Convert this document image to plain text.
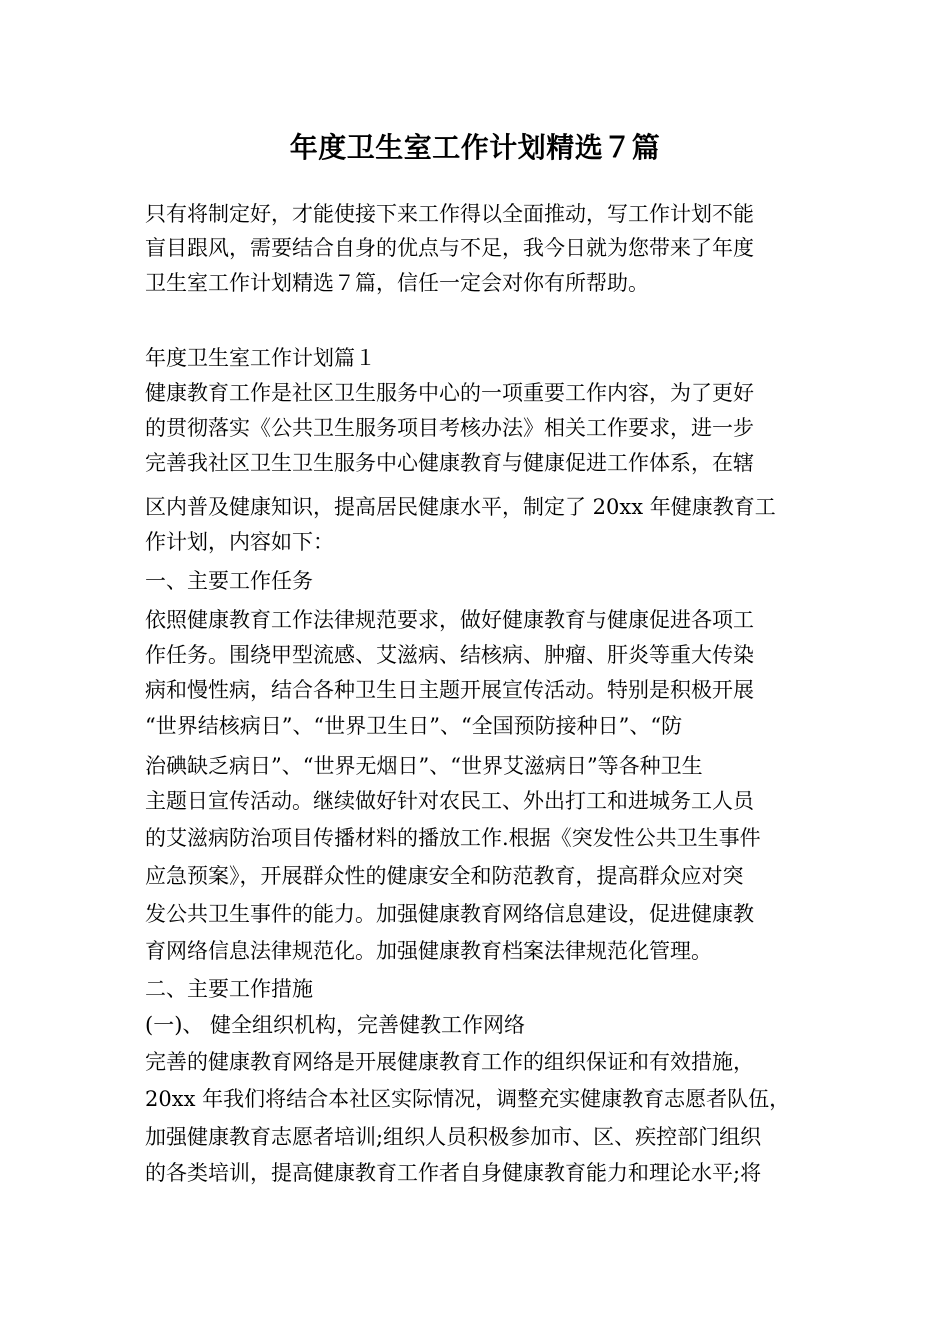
年度卫生室工作计划精选７篇
只有将制定好，才能使接下来工作得以全面推动，写工作计划不能
盲目跟风，需要结合自身的优点与不足，我今日就为您带来了年度
卫生室工作计划精选７篇，信任一定会对你有所帮助。
年度卫生室工作计划篇１
健康教育工作是社区卫生服务中心的一项重要工作内容，为了更好
的贯彻落实《公共卫生服务项目考核办法》相关工作要求，进一步
完善我社区卫生卫生服务中心健康教育与健康促进工作体系，在辖
区内普及健康知识，提高居民健康水平，制定了 20xx 年健康教育工
作计划，内容如下：
一、主要工作任务
依照健康教育工作法律规范要求，做好健康教育与健康促进各项工
作任务。围绕甲型流感、艾滋病、结核病、肿瘤、肝炎等重大传染
病和慢性病，结合各种卫生日主题开展宣传活动。特别是积极开展
“世界结核病日”、“世界卫生日”、“全国预防接种日”、“防
治碘缺乏病日”、“世界无烟日”、“世界艾滋病日”等各种卫生
主题日宣传活动。继续做好针对农民工、外出打工和进城务工人员
的艾滋病防治项目传播材料的播放工作.根据《突发性公共卫生事件
应急预案》，开展群众性的健康安全和防范教育，提高群众应对突
发公共卫生事件的能力。加强健康教育网络信息建设，促进健康教
育网络信息法律规范化。加强健康教育档案法律规范化管理。
二、主要工作措施
(一)、 健全组织机构，完善健教工作网络
完善的健康教育网络是开展健康教育工作的组织保证和有效措施，
20xx 年我们将结合本社区实际情况，调整充实健康教育志愿者队伍，
加强健康教育志愿者培训;组织人员积极参加市、区、疾控部门组织
的各类培训，提高健康教育工作者自身健康教育能力和理论水平;将
